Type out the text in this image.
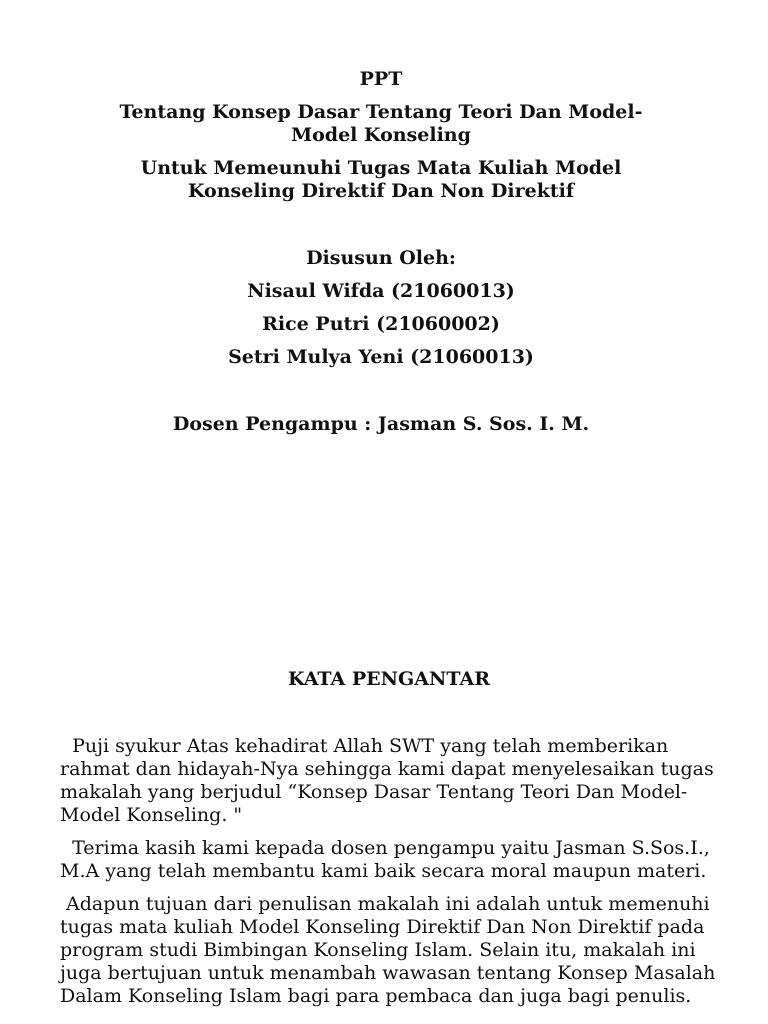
PPT

Tentang Konsep Dasar Tentang Teori Dan Model-Model Konseling

Untuk Memeunuhi Tugas Mata Kuliah Model Konseling Direktif Dan Non Direktif

Disusun Oleh:

Nisaul Wifda (21060013)

Rice Putri (21060002)

Setri Mulya Yeni (21060013)

Dosen Pengampu : Jasman S. Sos. I. M.

KATA PENGANTAR

Puji syukur Atas kehadirat Allah SWT yang telah memberikan rahmat dan hidayah-Nya sehingga kami dapat menyelesaikan tugas makalah yang berjudul “Konsep Dasar Tentang Teori Dan Model-Model Konseling. "

Terima kasih kami kepada dosen pengampu yaitu Jasman S.Sos.I., M.A yang telah membantu kami baik secara moral maupun materi.

Adapun tujuan dari penulisan makalah ini adalah untuk memenuhi tugas mata kuliah Model Konseling Direktif Dan Non Direktif pada program studi Bimbingan Konseling Islam. Selain itu, makalah ini juga bertujuan untuk menambah wawasan tentang Konsep Masalah Dalam Konseling Islam bagi para pembaca dan juga bagi penulis.
